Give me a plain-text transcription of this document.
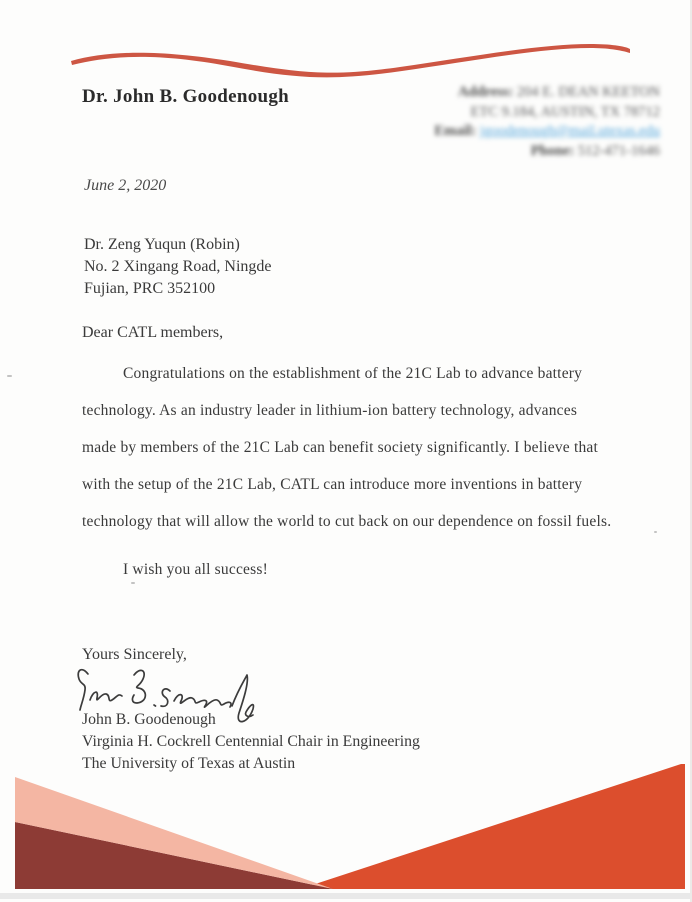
Dr. John B. Goodenough	Address: 204 E. DEAN KEETON
ETC 9.184, AUSTIN, TX 78712
Email: jgoodenough@mail.utexas.edu
Phone: 512-471-1646
June 2, 2020
Dr. Zeng Yuqun (Robin)
No. 2 Xingang Road, Ningde
Fujian, PRC 352100
Dear CATL members,
Congratulations on the establishment of the 21C Lab to advance battery
technology. As an industry leader in lithium-ion battery technology, advances
made by members of the 21C Lab can benefit society significantly. I believe that
with the setup of the 21C Lab, CATL can introduce more inventions in battery
technology that will allow the world to cut back on our dependence on fossil fuels.
I wish you all success!
Yours Sincerely,
John B. Goodenough
Virginia H. Cockrell Centennial Chair in Engineering
The University of Texas at Austin
